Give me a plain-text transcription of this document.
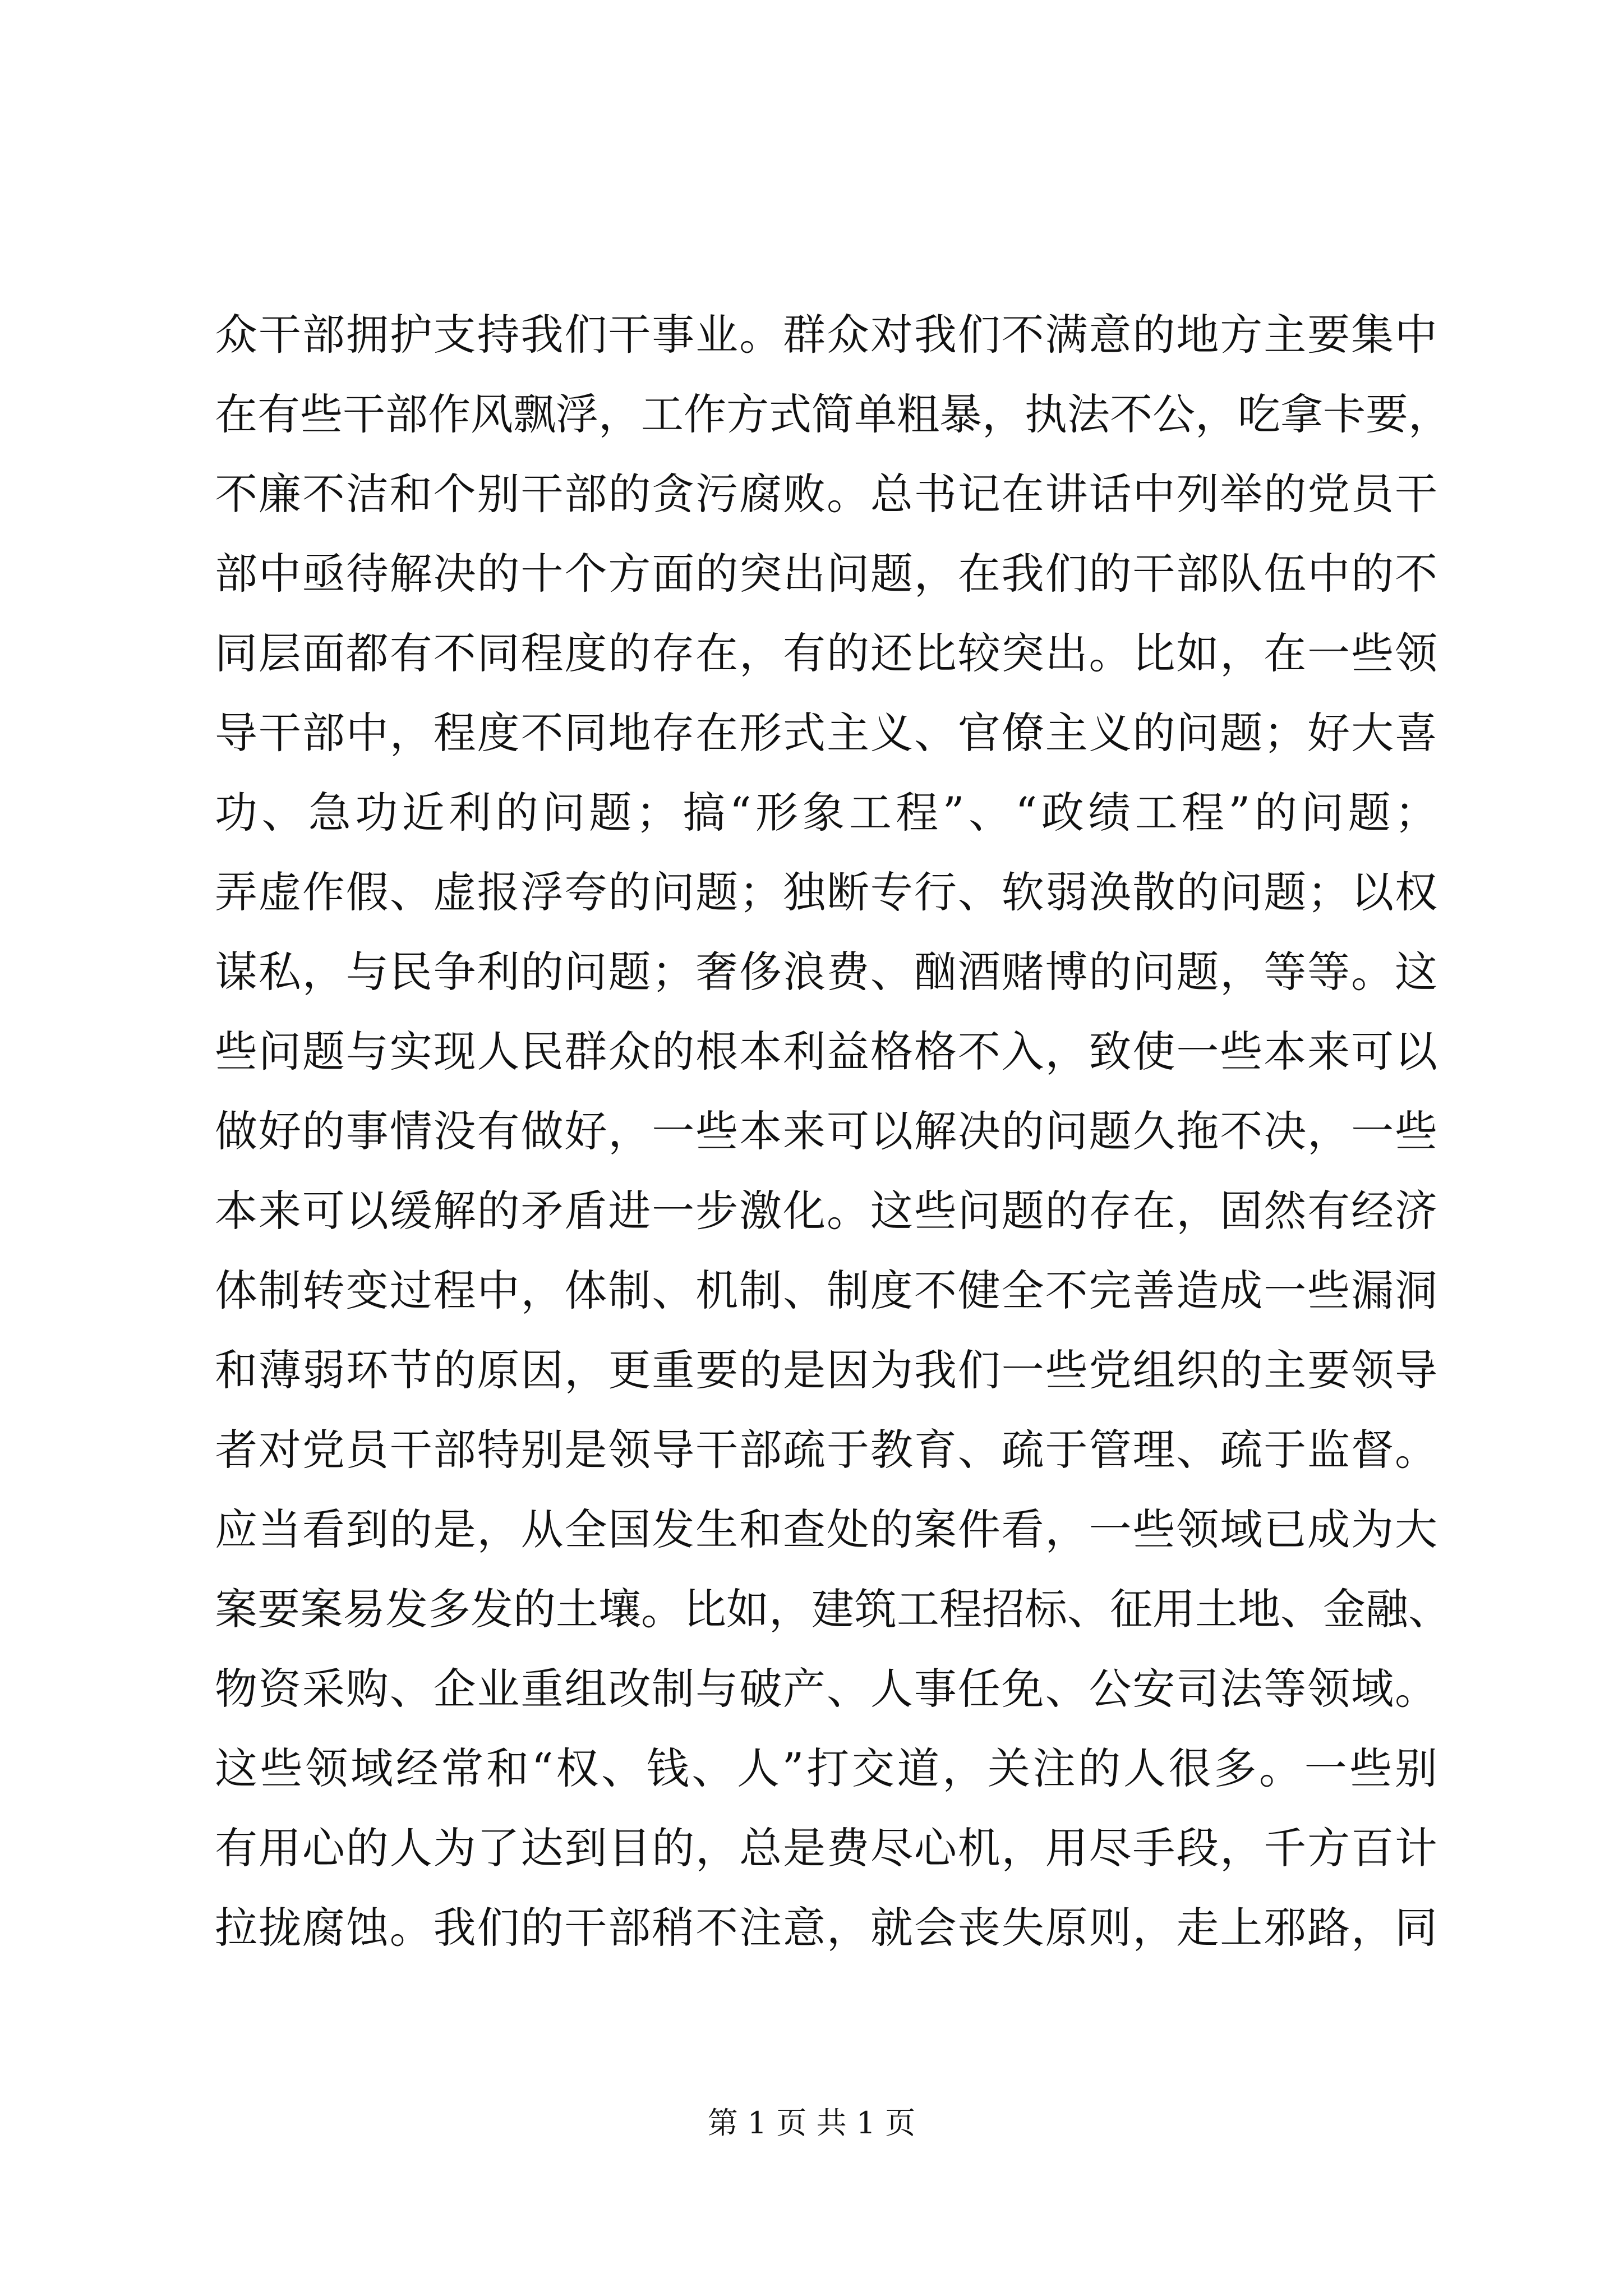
众干部拥护支持我们干事业。群众对我们不满意的地方主要集中
在有些干部作风飘浮，工作方式简单粗暴，执法不公，吃拿卡要，
不廉不洁和个别干部的贪污腐败。总书记在讲话中列举的党员干
部中亟待解决的十个方面的突出问题，在我们的干部队伍中的不
同层面都有不同程度的存在，有的还比较突出。比如，在一些领
导干部中，程度不同地存在形式主义、官僚主义的问题；好大喜
功、急功近利的问题；搞“形象工程”、“政绩工程”的问题；
弄虚作假、虚报浮夸的问题；独断专行、软弱涣散的问题；以权
谋私，与民争利的问题；奢侈浪费、酗酒赌博的问题，等等。这
些问题与实现人民群众的根本利益格格不入，致使一些本来可以
做好的事情没有做好，一些本来可以解决的问题久拖不决，一些
本来可以缓解的矛盾进一步激化。这些问题的存在，固然有经济
体制转变过程中，体制、机制、制度不健全不完善造成一些漏洞
和薄弱环节的原因，更重要的是因为我们一些党组织的主要领导
者对党员干部特别是领导干部疏于教育、疏于管理、疏于监督。
应当看到的是，从全国发生和查处的案件看，一些领域已成为大
案要案易发多发的土壤。比如，建筑工程招标、征用土地、金融、
物资采购、企业重组改制与破产、人事任免、公安司法等领域。
这些领域经常和“权、钱、人”打交道，关注的人很多。一些别
有用心的人为了达到目的，总是费尽心机，用尽手段，千方百计
拉拢腐蚀。我们的干部稍不注意，就会丧失原则，走上邪路，同
第 1 页 共 1 页
